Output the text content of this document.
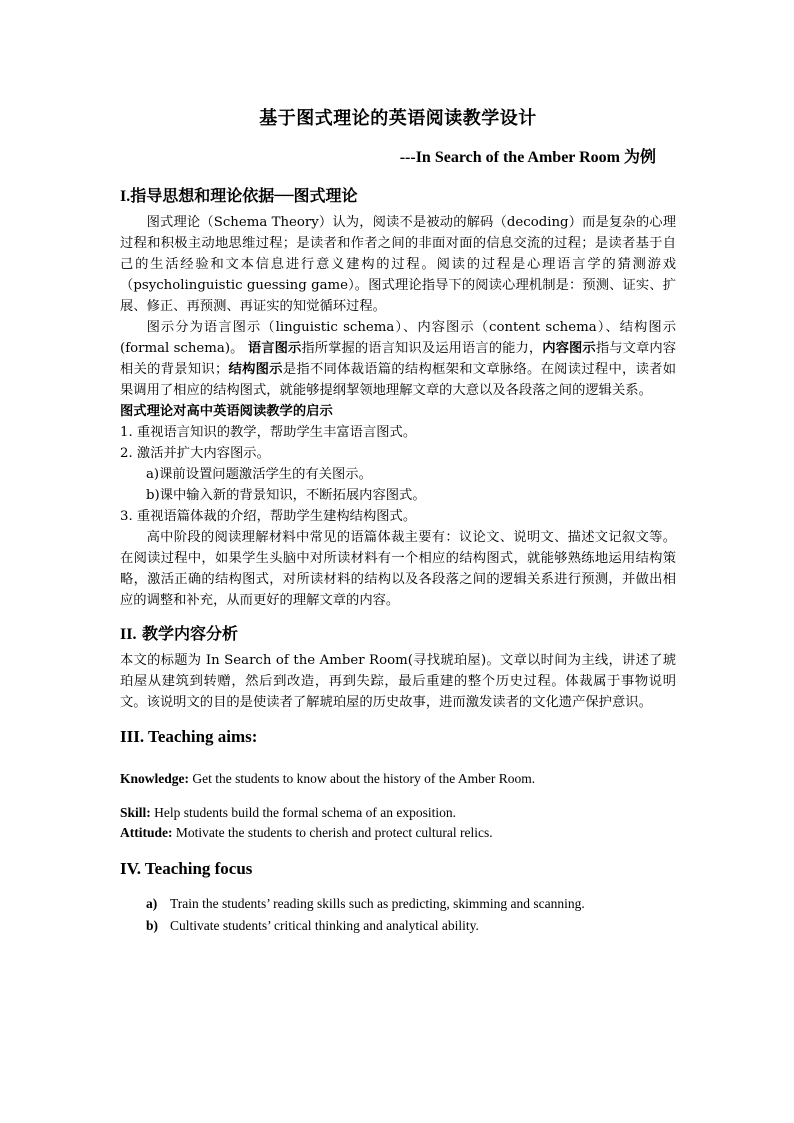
基于图式理论的英语阅读教学设计
---In Search of the Amber Room 为例
I.指导思想和理论依据──图式理论

图式理论（Schema Theory）认为，阅读不是被动的解码（decoding）而是复杂的心理过程和积极主动地思维过程；是读者和作者之间的非面对面的信息交流的过程；是读者基于自己的生活经验和文本信息进行意义建构的过程。阅读的过程是心理语言学的猜测游戏（psycholinguistic guessing game）。图式理论指导下的阅读心理机制是：预测、证实、扩展、修正、再预测、再证实的知觉循环过程。

图示分为语言图示（linguistic schema）、内容图示（content schema）、结构图示(formal schema)。 语言图示指所掌握的语言知识及运用语言的能力，内容图示指与文章内容相关的背景知识；结构图示是指不同体裁语篇的结构框架和文章脉络。在阅读过程中，读者如果调用了相应的结构图式，就能够提纲挈领地理解文章的大意以及各段落之间的逻辑关系。

图式理论对高中英语阅读教学的启示
1. 重视语言知识的教学，帮助学生丰富语言图式。
2. 激活并扩大内容图示。
a)课前设置问题激活学生的有关图示。
b)课中输入新的背景知识，不断拓展内容图式。
3. 重视语篇体裁的介绍，帮助学生建构结构图式。

高中阶段的阅读理解材料中常见的语篇体裁主要有：议论文、说明文、描述文记叙文等。在阅读过程中，如果学生头脑中对所读材料有一个相应的结构图式，就能够熟练地运用结构策略，激活正确的结构图式，对所读材料的结构以及各段落之间的逻辑关系进行预测，并做出相应的调整和补充，从而更好的理解文章的内容。

II. 教学内容分析

本文的标题为 In Search of the Amber Room(寻找琥珀屋)。文章以时间为主线，讲述了琥珀屋从建筑到转赠，然后到改造，再到失踪，最后重建的整个历史过程。体裁属于事物说明文。该说明文的目的是使读者了解琥珀屋的历史故事，进而激发读者的文化遗产保护意识。

III. Teaching aims:

Knowledge: Get the students to know about the history of the Amber Room.

Skill: Help students build the formal schema of an exposition.

Attitude: Motivate the students to cherish and protect cultural relics.

IV. Teaching focus
a) Train the students’ reading skills such as predicting, skimming and scanning.
b) Cultivate students’ critical thinking and analytical ability.
